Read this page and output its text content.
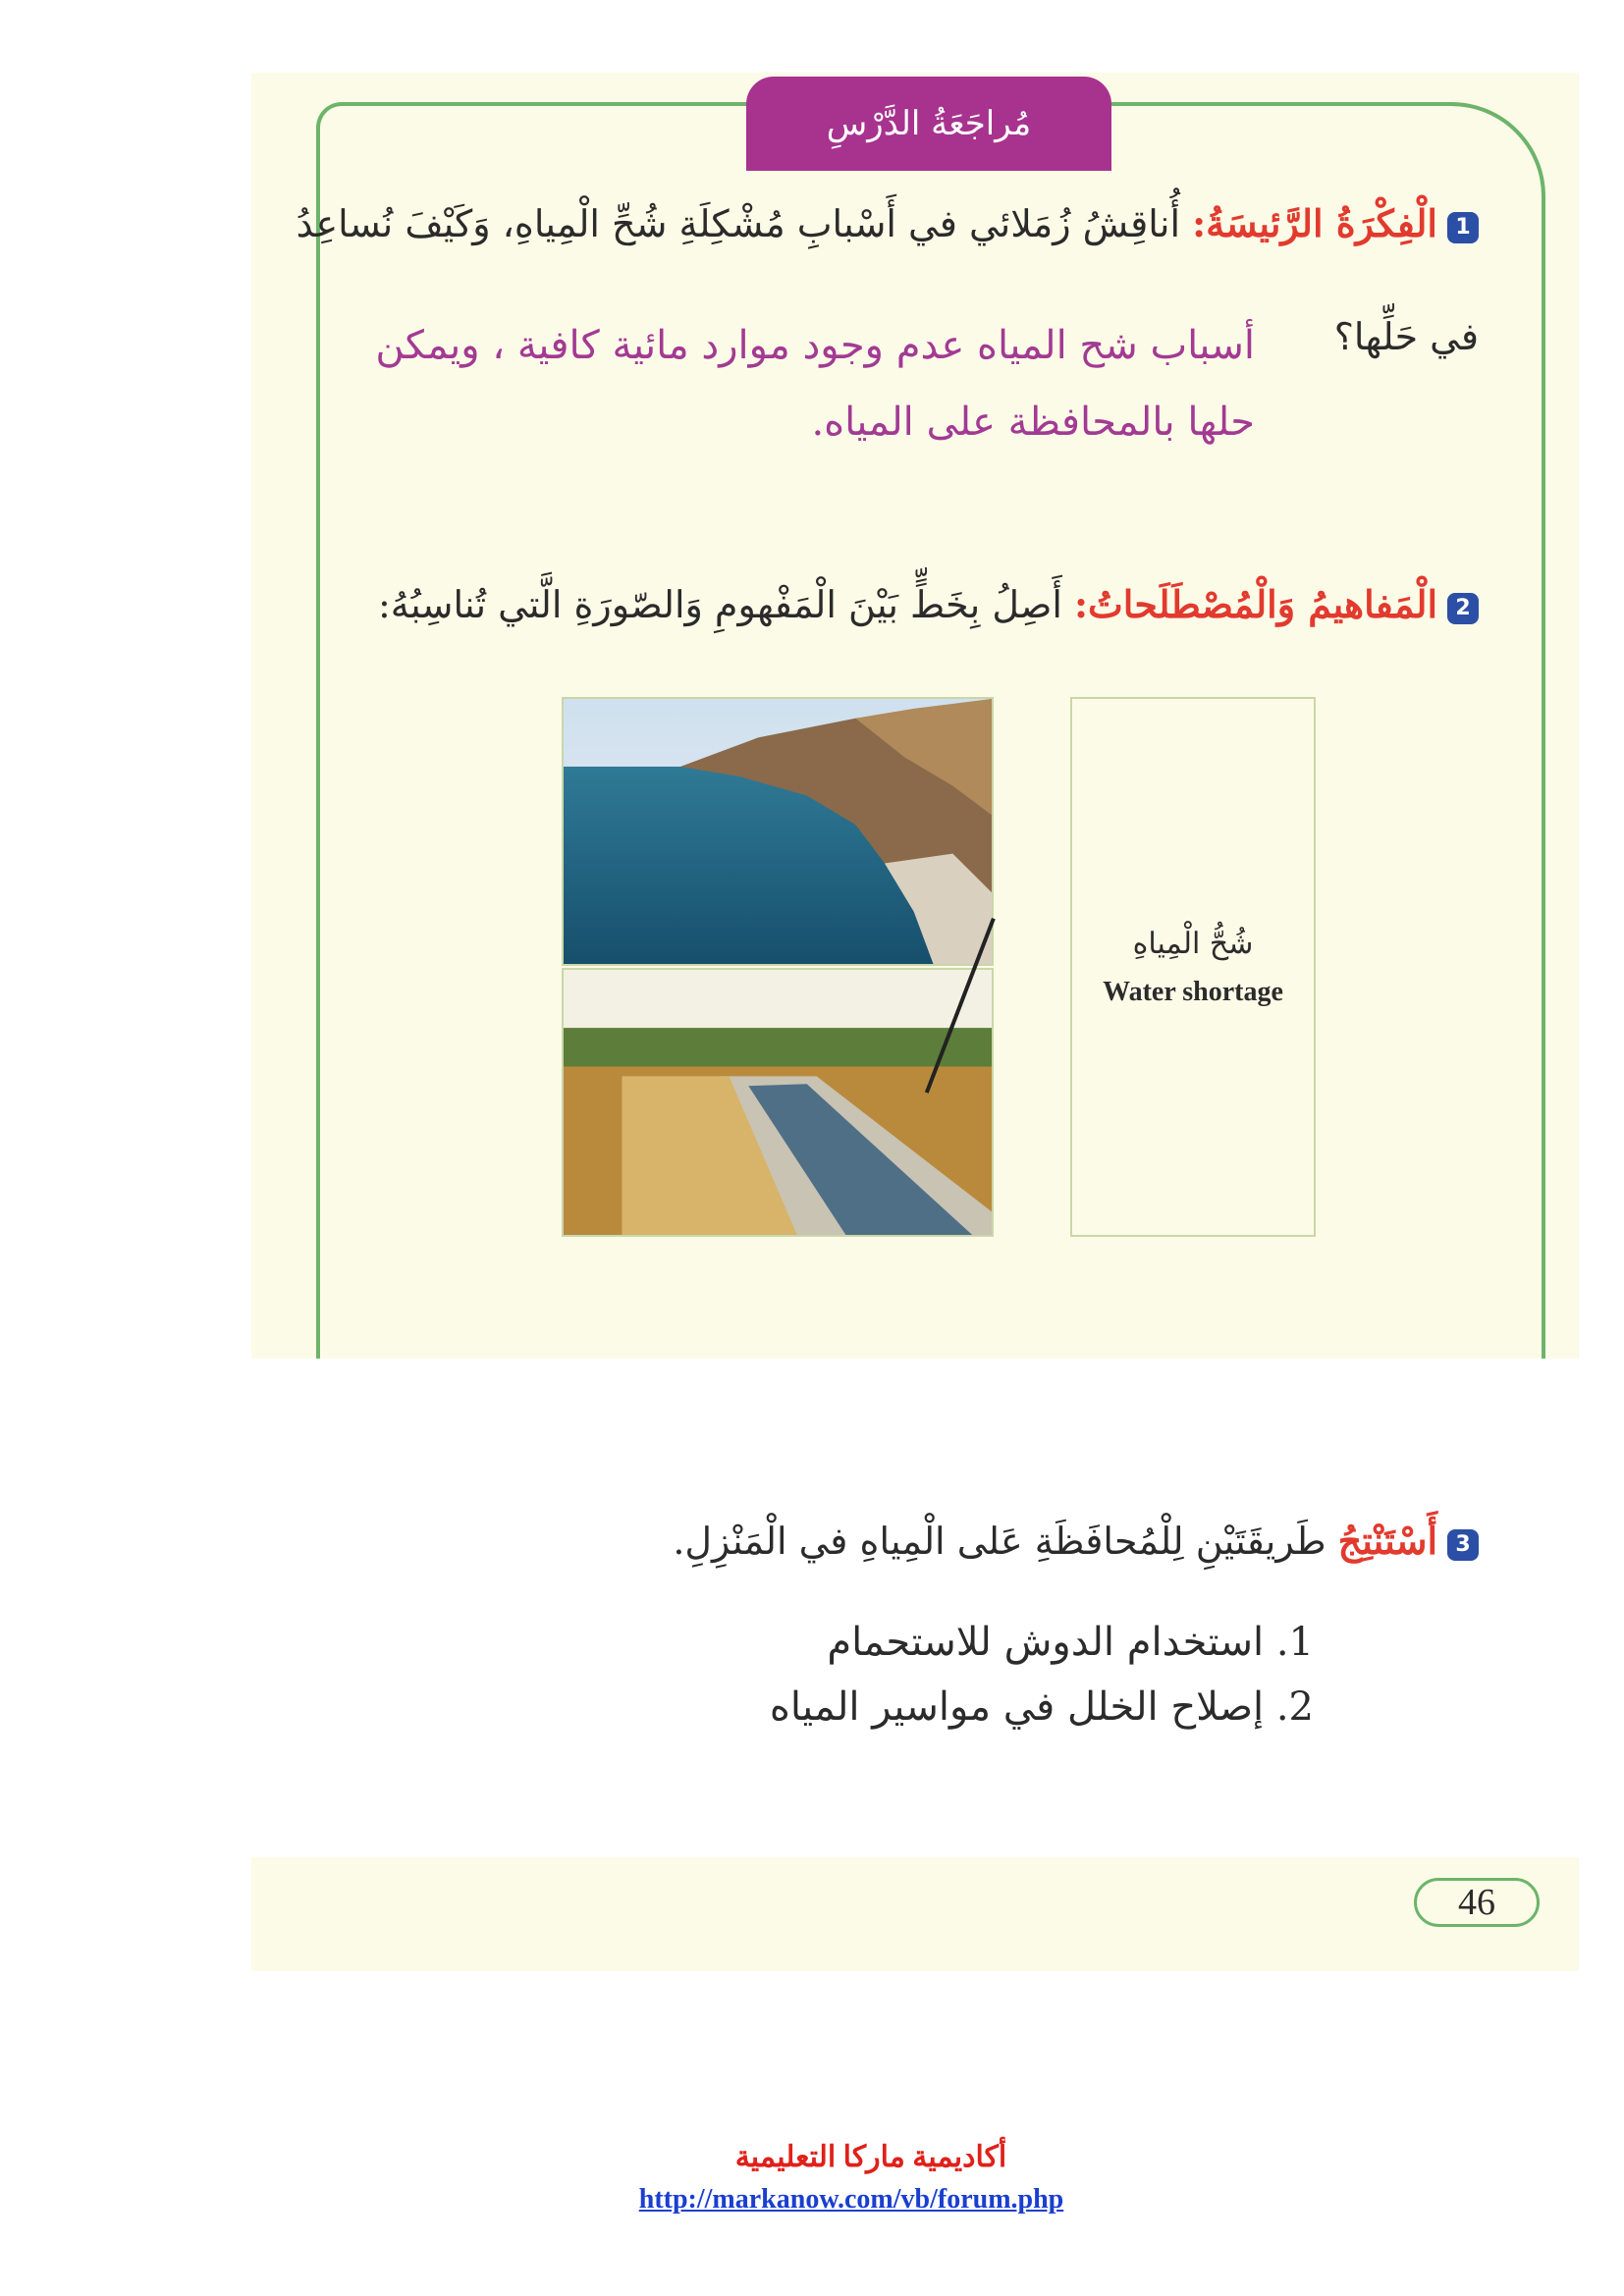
مُراجَعَةُ الدَّرْسِ
1الْفِكْرَةُ الرَّئيسَةُ: أُناقِشُ زُمَلائي في أَسْبابِ مُشْكِلَةِ شُحِّ الْمِياهِ، وَكَيْفَ نُساعِدُ
في حَلِّها؟
أسباب شح المياه عدم وجود موارد مائية كافية ، ويمكن
حلها بالمحافظة على المياه.
2الْمَفاهيمُ وَالْمُصْطَلَحاتُ: أَصِلُ بِخَطٍّ بَيْنَ الْمَفْهومِ وَالصّورَةِ الَّتي تُناسِبُهُ:
شُحُّ الْمِياهِ
Water shortage
3أَسْتَنْتِجُ طَريقَتَيْنِ لِلْمُحافَظَةِ عَلى الْمِياهِ في الْمَنْزِلِ.
1. استخدام الدوش للاستحمام
2. إصلاح الخلل في مواسير المياه
46
أكاديمية ماركا التعليمية
http://markanow.com/vb/forum.php
